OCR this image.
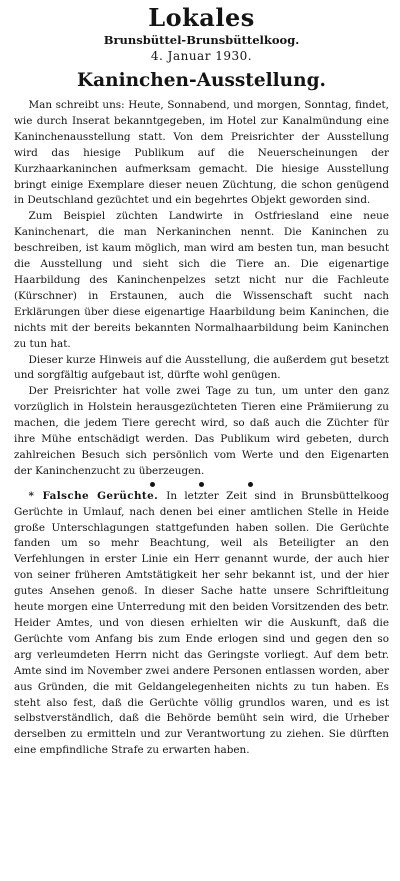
Lokales
Brunsbüttel-Brunsbüttelkoog.
4. Januar 1930.
Kaninchen-Ausstellung.

Man schreibt uns: Heute, Sonnabend, und morgen, Sonntag, findet, wie durch Inserat bekanntgegeben, im Hotel zur Kanalmündung eine Kaninchenausstellung statt. Von dem Preisrichter der Ausstellung wird das hiesige Publikum auf die Neuerscheinungen der Kurzhaarkaninchen aufmerksam gemacht. Die hiesige Ausstellung bringt einige Exemplare dieser neuen Züchtung, die schon genügend in Deutschland gezüchtet und ein begehrtes Objekt geworden sind.

Zum Beispiel züchten Landwirte in Ostfriesland eine neue Kaninchenart, die man Nerkaninchen nennt. Die Kaninchen zu beschreiben, ist kaum möglich, man wird am besten tun, man besucht die Ausstellung und sieht sich die Tiere an. Die eigenartige Haarbildung des Kaninchenpelzes setzt nicht nur die Fachleute (Kürschner) in Erstaunen, auch die Wissenschaft sucht nach Erklärungen über diese eigenartige Haarbildung beim Kaninchen, die nichts mit der bereits bekannten Normalhaarbildung beim Kaninchen zu tun hat.

Dieser kurze Hinweis auf die Ausstellung, die außerdem gut besetzt und sorgfältig aufgebaut ist, dürfte wohl genügen.

Der Preisrichter hat volle zwei Tage zu tun, um unter den ganz vorzüglich in Holstein herausgezüchteten Tieren eine Prämiierung zu machen, die jedem Tiere gerecht wird, so daß auch die Züchter für ihre Mühe entschädigt werden. Das Publikum wird gebeten, durch zahlreichen Besuch sich persönlich vom Werte und den Eigenarten der Kaninchenzucht zu überzeugen.

* Falsche Gerüchte. In letzter Zeit sind in Brunsbüttelkoog Gerüchte in Umlauf, nach denen bei einer amtlichen Stelle in Heide große Unterschlagungen stattgefunden haben sollen. Die Gerüchte fanden um so mehr Beachtung, weil als Beteiligter an den Verfehlungen in erster Linie ein Herr genannt wurde, der auch hier von seiner früheren Amtstätigkeit her sehr bekannt ist, und der hier gutes Ansehen genoß. In dieser Sache hatte unsere Schriftleitung heute morgen eine Unterredung mit den beiden Vorsitzenden des betr. Heider Amtes, und von diesen erhielten wir die Auskunft, daß die Gerüchte vom Anfang bis zum Ende erlogen sind und gegen den so arg verleumdeten Herrn nicht das Geringste vorliegt. Auf dem betr. Amte sind im November zwei andere Personen entlassen worden, aber aus Gründen, die mit Geldangelegenheiten nichts zu tun haben. Es steht also fest, daß die Gerüchte völlig grundlos waren, und es ist selbstverständlich, daß die Behörde bemüht sein wird, die Urheber derselben zu ermitteln und zur Verantwortung zu ziehen. Sie dürften eine empfindliche Strafe zu erwarten haben.
